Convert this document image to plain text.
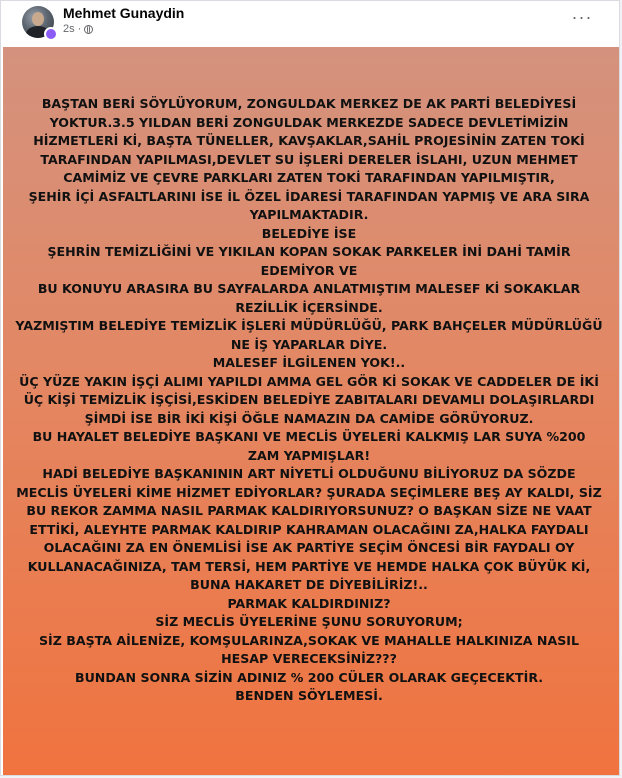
Mehmet Gunaydin
2s ·
···
BAŞTAN BERİ SÖYLÜYORUM, ZONGULDAK MERKEZ DE AK PARTİ BELEDİYESİ
YOKTUR.3.5 YILDAN BERİ ZONGULDAK MERKEZDE SADECE DEVLETİMİZİN
HİZMETLERİ Kİ, BAŞTA TÜNELLER, KAVŞAKLAR,SAHİL PROJESİNİN ZATEN TOKİ
TARAFINDAN YAPILMASI,DEVLET SU İŞLERİ DERELER İSLAHI, UZUN MEHMET
CAMİMİZ VE ÇEVRE PARKLARI ZATEN TOKİ TARAFINDAN YAPILMIŞTIR,
ŞEHİR İÇİ ASFALTLARINI İSE İL ÖZEL İDARESİ TARAFINDAN YAPMIŞ VE ARA SIRA
YAPILMAKTADIR.
BELEDİYE İSE
ŞEHRİN TEMİZLİĞİNİ VE YIKILAN KOPAN SOKAK PARKELER İNİ DAHİ TAMİR
EDEMİYOR VE
BU KONUYU ARASIRA BU SAYFALARDA ANLATMIŞTIM MALESEF Kİ SOKAKLAR
REZİLLİK İÇERSİNDE.
YAZMIŞTIM BELEDİYE TEMİZLİK İŞLERİ MÜDÜRLÜĞÜ, PARK BAHÇELER MÜDÜRLÜĞÜ
NE İŞ YAPARLAR DİYE.
MALESEF İLGİLENEN YOK!..
ÜÇ YÜZE YAKIN İŞÇİ ALIMI YAPILDI AMMA GEL GÖR Kİ SOKAK VE CADDELER DE İKİ
ÜÇ KİŞİ TEMİZLİK İŞÇİSİ,ESKİDEN BELEDİYE ZABITALARI DEVAMLI DOLAŞIRLARDI
ŞİMDİ İSE BİR İKİ KİŞİ ÖĞLE NAMAZIN DA CAMİDE GÖRÜYORUZ.
BU HAYALET BELEDİYE BAŞKANI VE MECLİS ÜYELERİ KALKMIŞ LAR SUYA %200
ZAM YAPMIŞLAR!
HADİ BELEDİYE BAŞKANININ ART NİYETLİ OLDUĞUNU BİLİYORUZ DA SÖZDE
MECLİS ÜYELERİ KİME HİZMET EDİYORLAR? ŞURADA SEÇİMLERE BEŞ AY KALDI, SİZ
BU REKOR ZAMMA NASIL PARMAK KALDIRIYORSUNUZ? O BAŞKAN SİZE NE VAAT
ETTİKİ, ALEYHTE PARMAK KALDIRIP KAHRAMAN OLACAĞINI ZA,HALKA FAYDALI
OLACAĞINI ZA EN ÖNEMLİSİ İSE AK PARTİYE SEÇİM ÖNCESİ BİR FAYDALI OY
KULLANACAĞINIZA, TAM TERSİ, HEM PARTİYE VE HEMDE HALKA ÇOK BÜYÜK Kİ,
BUNA HAKARET DE DİYEBİLİRİZ!..
PARMAK KALDIRDINIZ?
SİZ MECLİS ÜYELERİNE ŞUNU SORUYORUM;
SİZ BAŞTA AİLENİZE, KOMŞULARINZA,SOKAK VE MAHALLE HALKINIZA NASIL
HESAP VERECEKSİNİZ???
BUNDAN SONRA SİZİN ADINIZ % 200 CÜLER OLARAK GEÇECEKTİR.
BENDEN SÖYLEMESİ.
